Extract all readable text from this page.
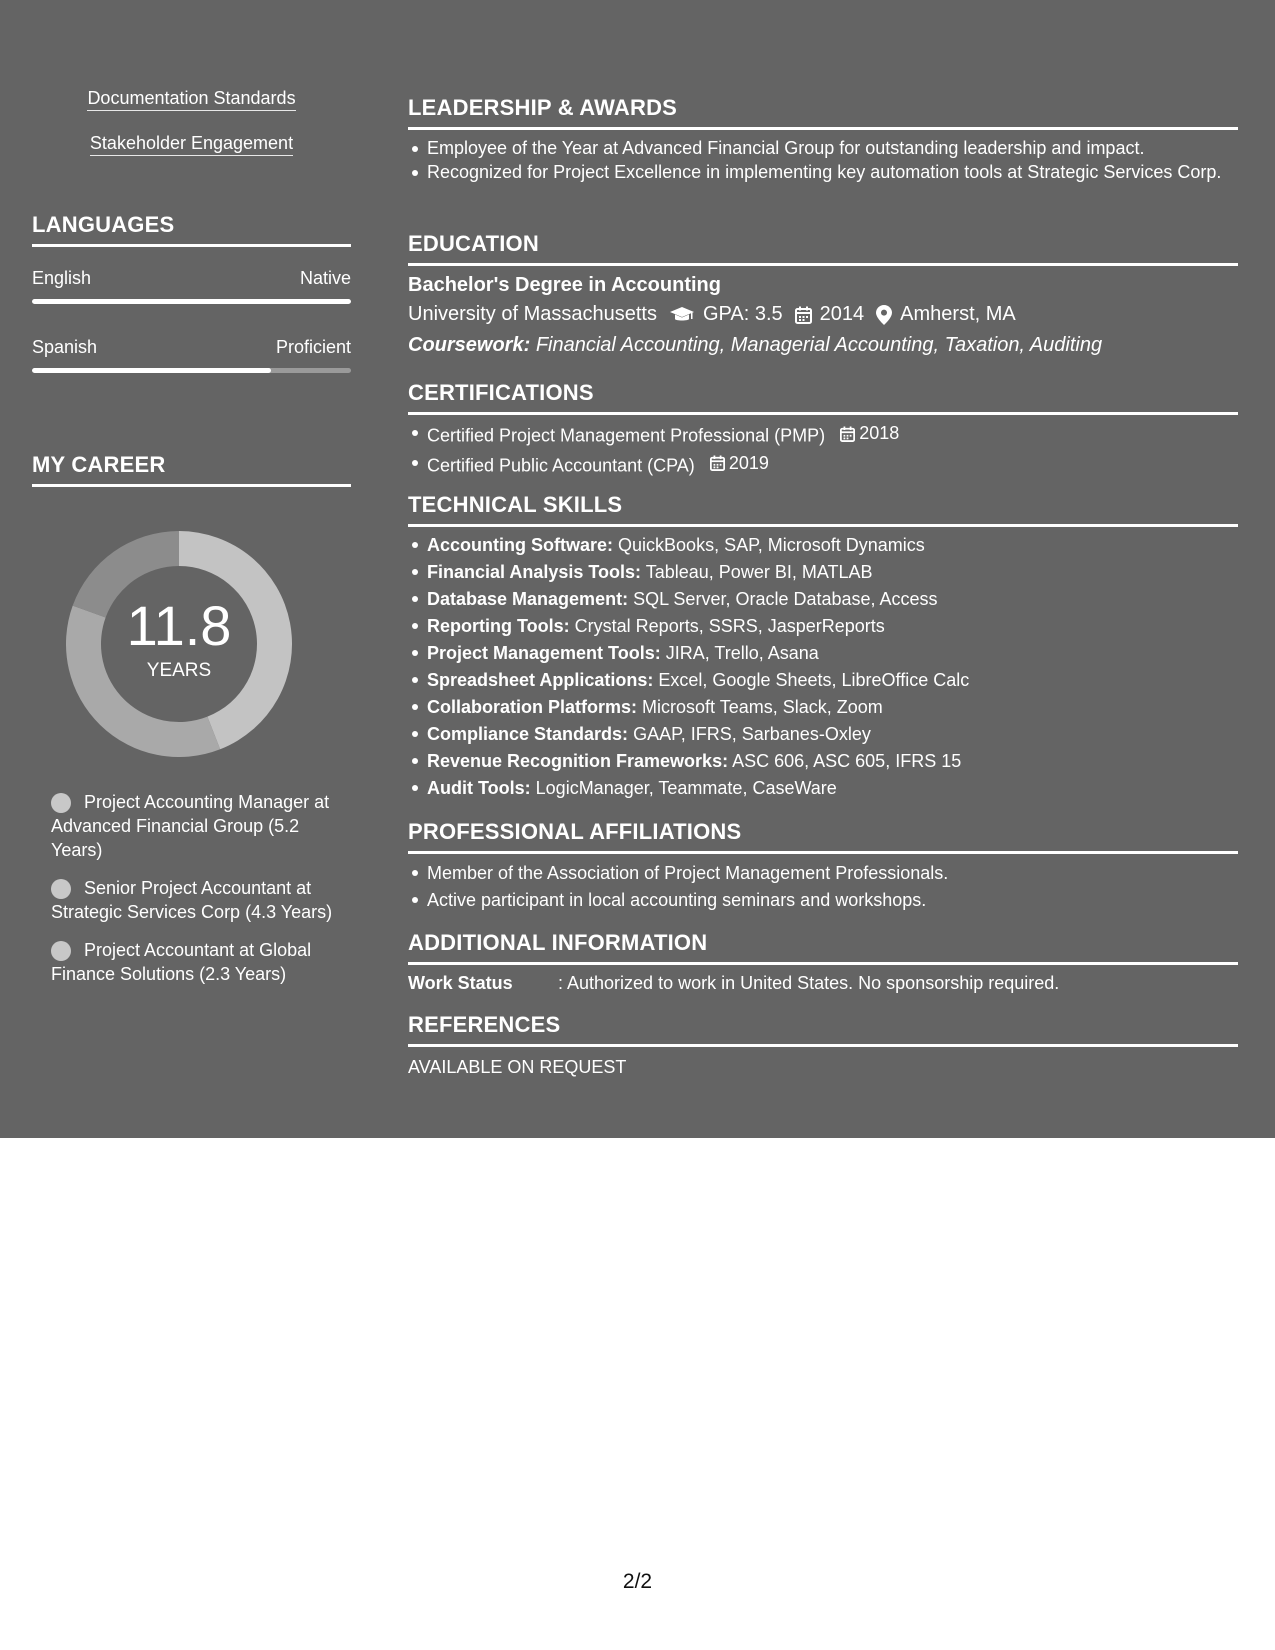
Documentation Standards
Stakeholder Engagement
LANGUAGES
English	Native
Spanish	Proficient
MY CAREER
11.8
YEARS
Project Accounting Manager at Advanced Financial Group (5.2 Years)
Senior Project Accountant at Strategic Services Corp (4.3 Years)
Project Accountant at Global Finance Solutions (2.3 Years)
LEADERSHIP & AWARDS
Employee of the Year at Advanced Financial Group for outstanding leadership and impact.
Recognized for Project Excellence in implementing key automation tools at Strategic Services Corp.
EDUCATION
Bachelor's Degree in Accounting
University of Massachusetts GPA: 3.5 2014 Amherst, MA
Coursework: Financial Accounting, Managerial Accounting, Taxation, Auditing
CERTIFICATIONS
Certified Project Management Professional (PMP) 2018
Certified Public Accountant (CPA) 2019
TECHNICAL SKILLS
Accounting Software: QuickBooks, SAP, Microsoft Dynamics
Financial Analysis Tools: Tableau, Power BI, MATLAB
Database Management: SQL Server, Oracle Database, Access
Reporting Tools: Crystal Reports, SSRS, JasperReports
Project Management Tools: JIRA, Trello, Asana
Spreadsheet Applications: Excel, Google Sheets, LibreOffice Calc
Collaboration Platforms: Microsoft Teams, Slack, Zoom
Compliance Standards: GAAP, IFRS, Sarbanes-Oxley
Revenue Recognition Frameworks: ASC 606, ASC 605, IFRS 15
Audit Tools: LogicManager, Teammate, CaseWare
PROFESSIONAL AFFILIATIONS
Member of the Association of Project Management Professionals.
Active participant in local accounting seminars and workshops.
ADDITIONAL INFORMATION
Work Status	: Authorized to work in United States. No sponsorship required.
REFERENCES
AVAILABLE ON REQUEST
2/2
